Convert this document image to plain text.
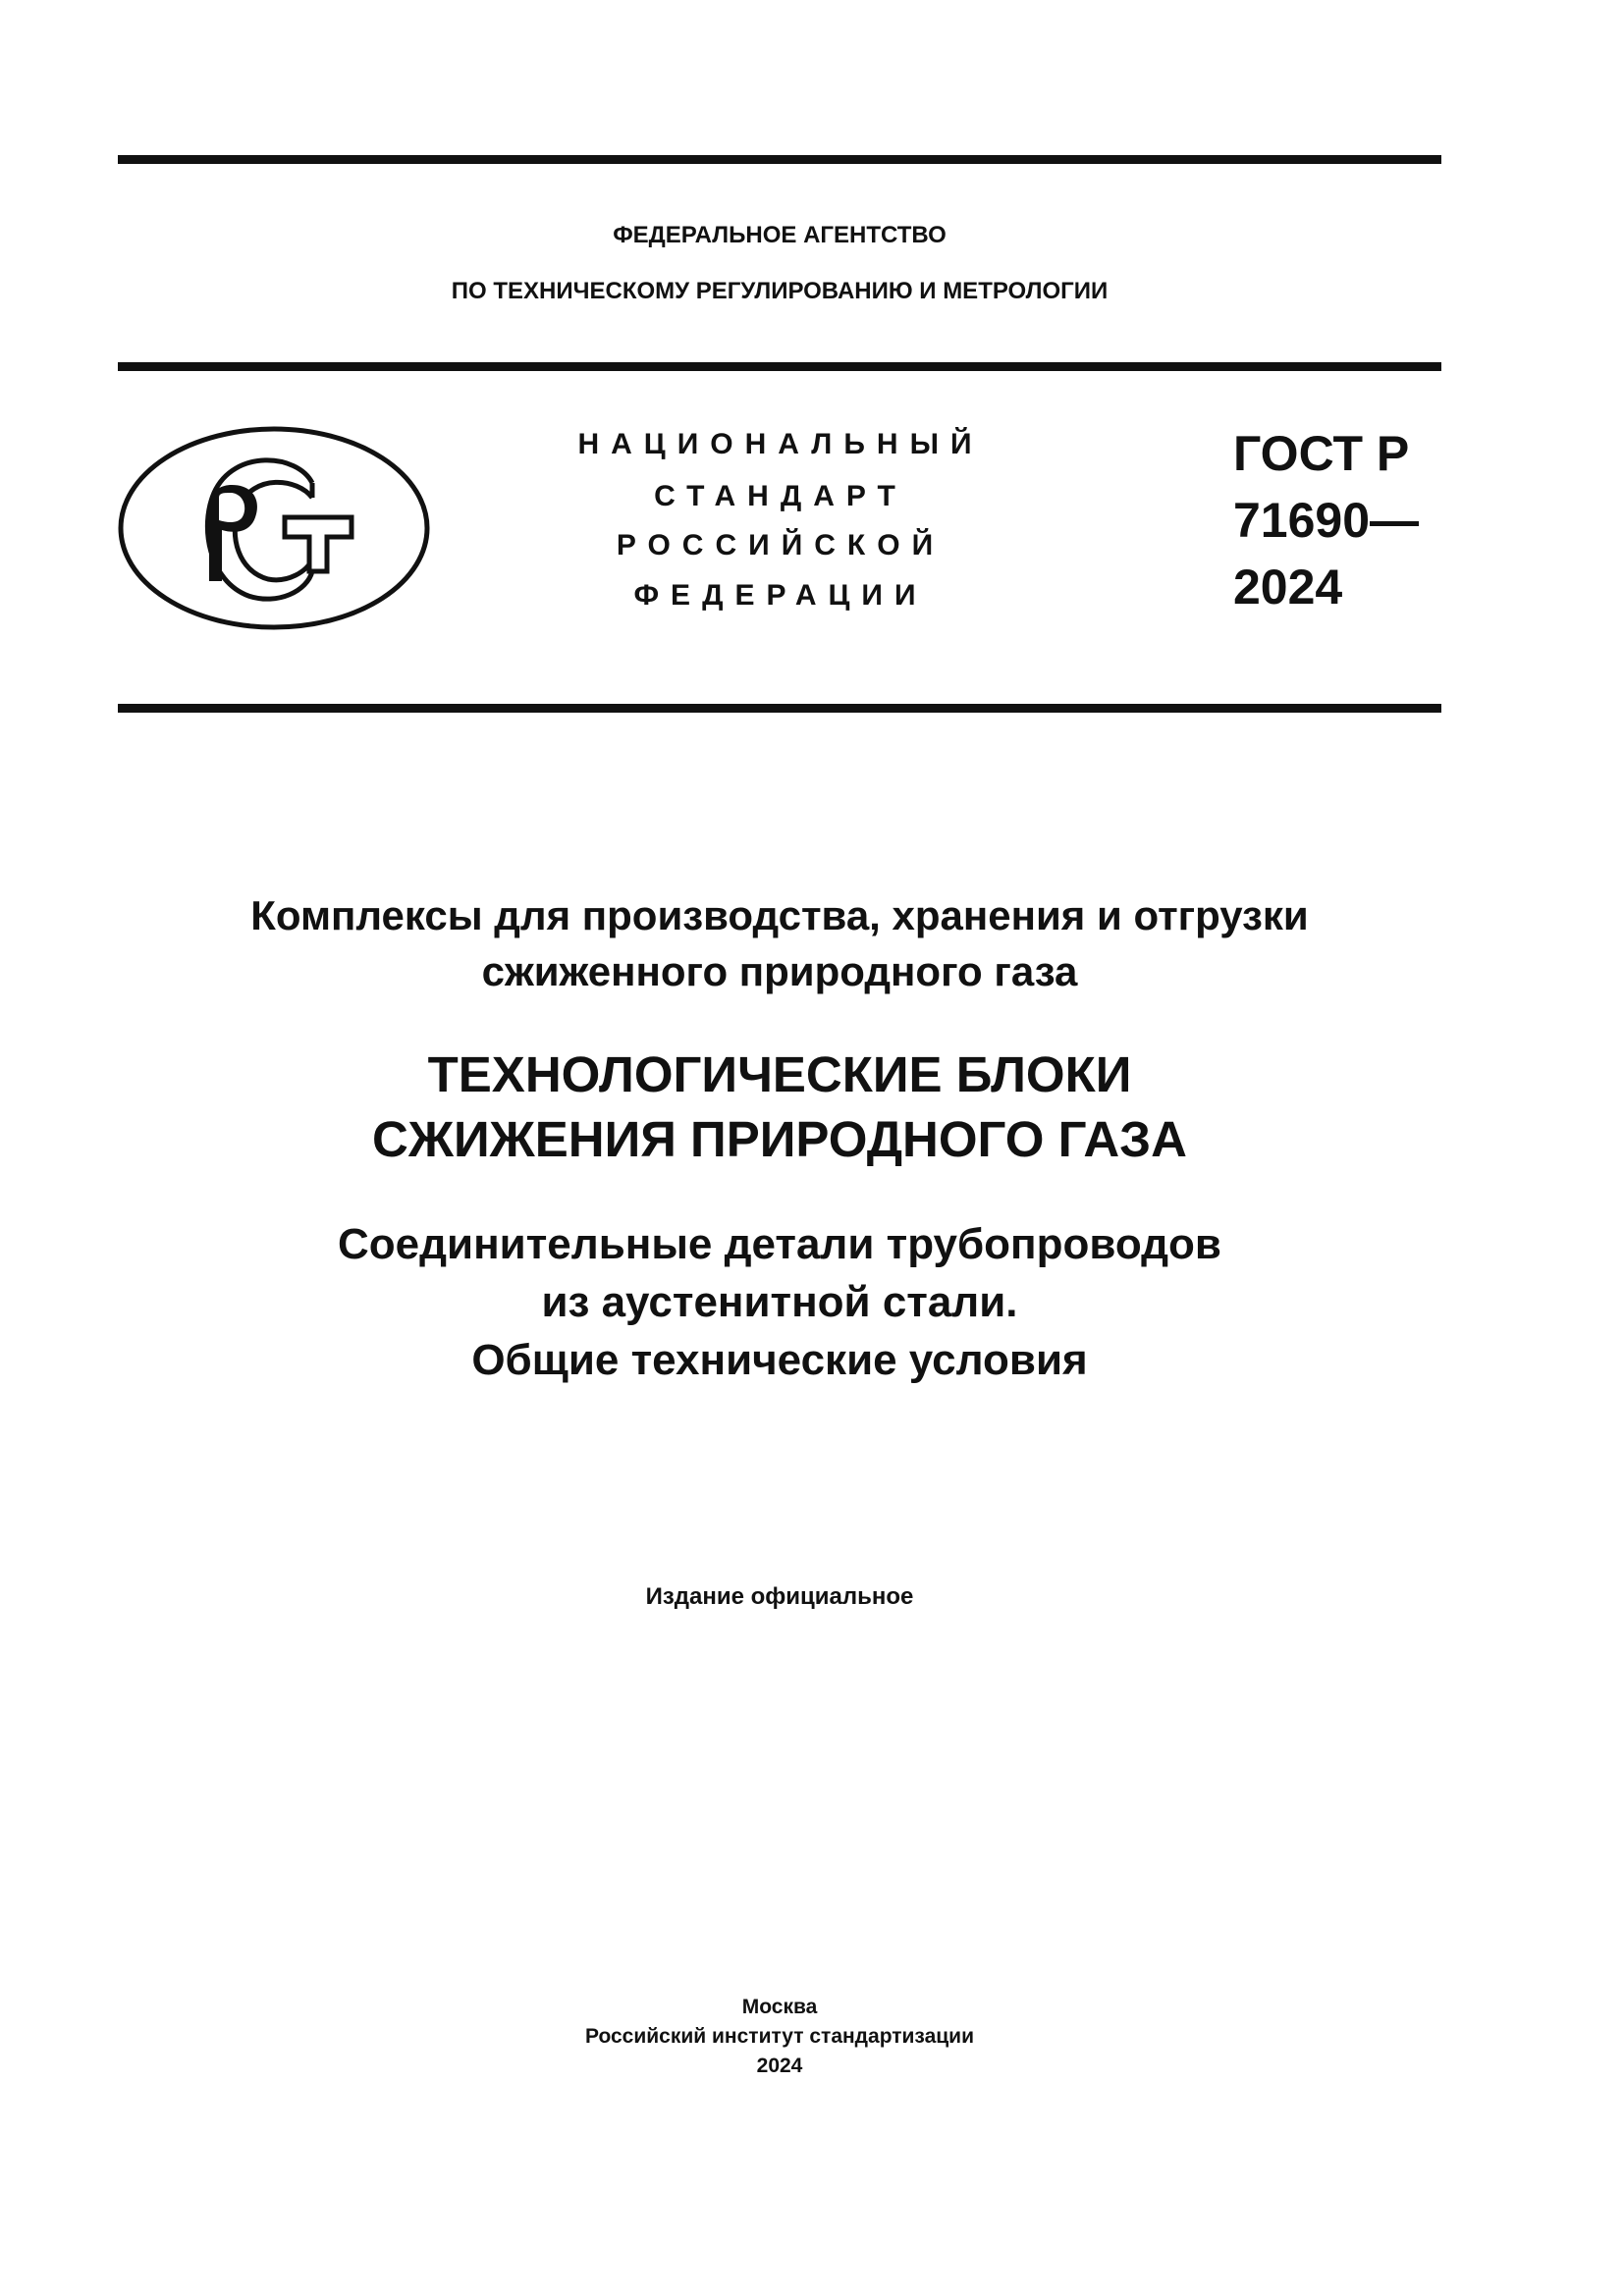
ФЕДЕРАЛЬНОЕ АГЕНТСТВО
ПО ТЕХНИЧЕСКОМУ РЕГУЛИРОВАНИЮ И МЕТРОЛОГИИ
НАЦИОНАЛЬНЫЙ
СТАНДАРТ
РОССИЙСКОЙ
ФЕДЕРАЦИИ
ГОСТ Р
71690—
2024
Комплексы для производства, хранения и отгрузки
сжиженного природного газа
ТЕХНОЛОГИЧЕСКИЕ БЛОКИ
СЖИЖЕНИЯ ПРИРОДНОГО ГАЗА
Соединительные детали трубопроводов
из аустенитной стали.
Общие технические условия
Издание официальное
Москва
Российский институт стандартизации
2024
